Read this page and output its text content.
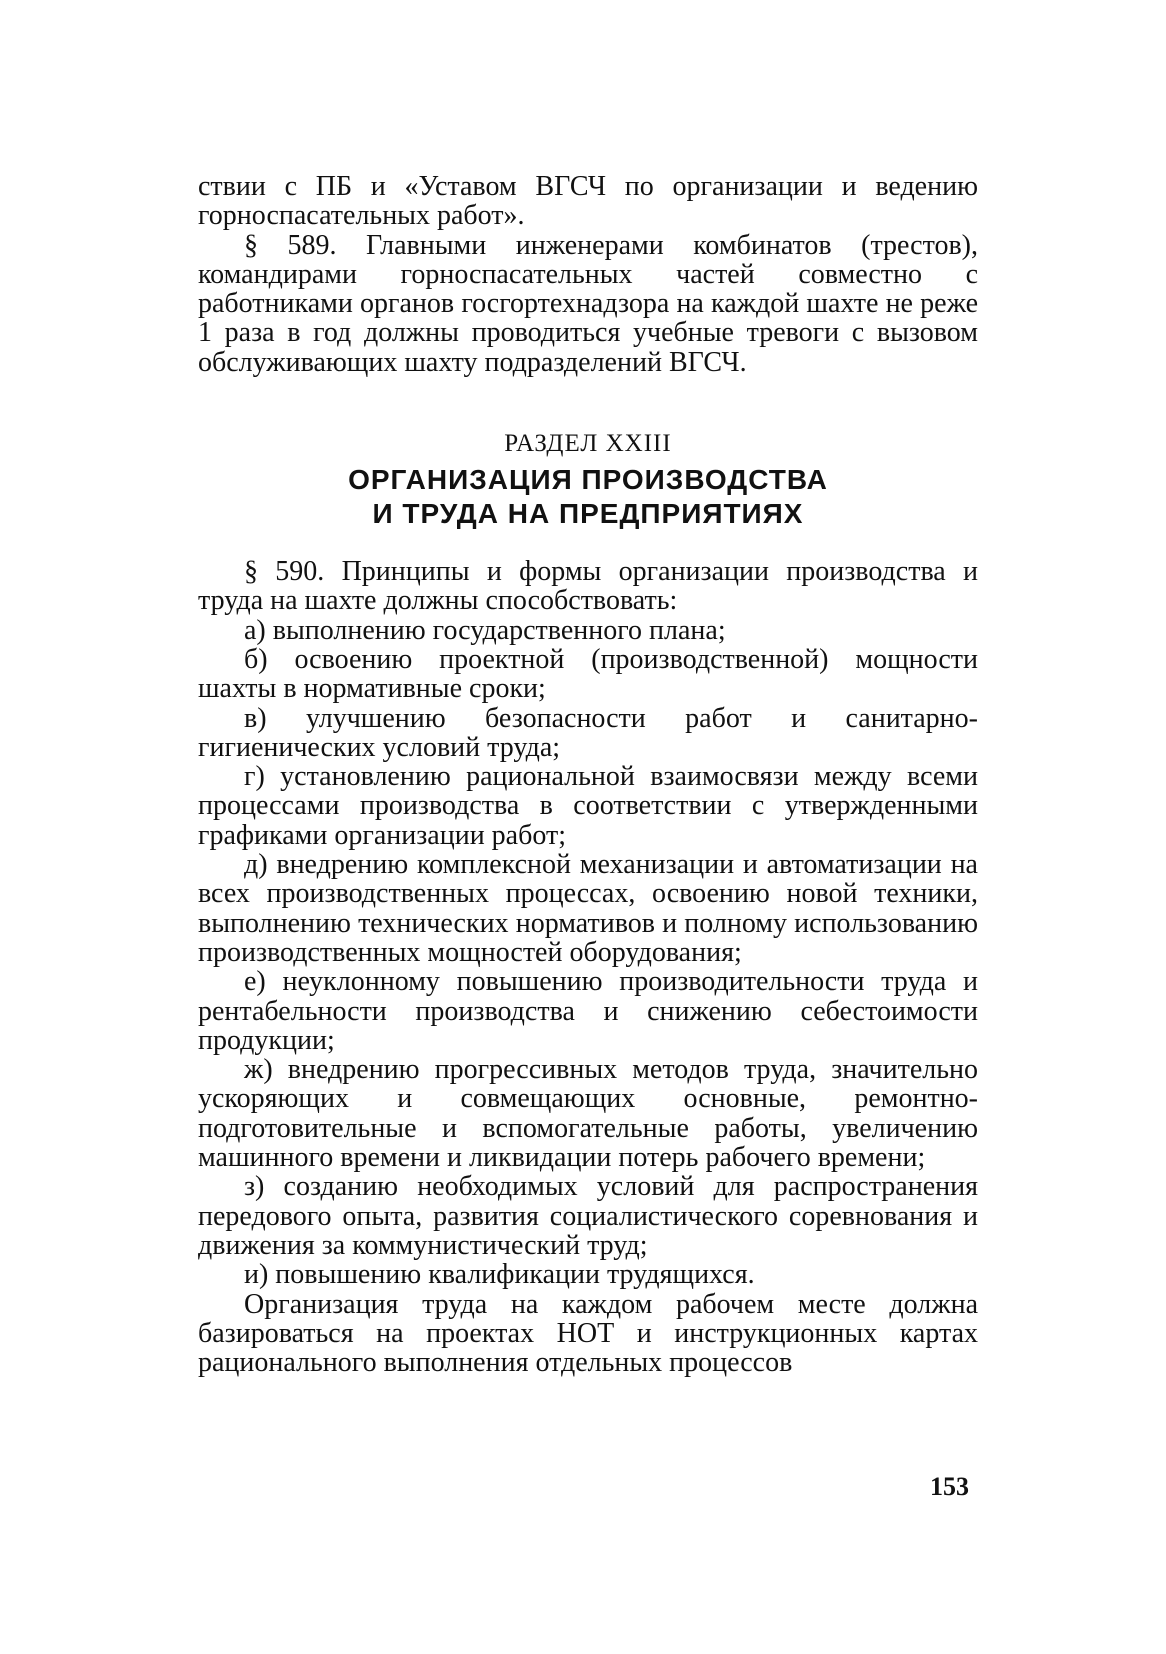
ствии с ПБ и «Уставом ВГСЧ по организации и ведению горноспасательных работ».

§ 589. Главными инженерами комбинатов (трестов), командирами горноспасательных частей совместно с работниками органов госгортехнадзора на каждой шахте не реже 1 раза в год должны проводиться учебные тревоги с вызовом обслуживающих шахту подразделений ВГСЧ.

РАЗДЕЛ XXIII
ОРГАНИЗАЦИЯ ПРОИЗВОДСТВА
И ТРУДА НА ПРЕДПРИЯТИЯХ

§ 590. Принципы и формы организации производства и труда на шахте должны способствовать:

а) выполнению государственного плана;

б) освоению проектной (производственной) мощности шахты в нормативные сроки;

в) улучшению безопасности работ и санитарно-гигиенических условий труда;

г) установлению рациональной взаимосвязи между всеми процессами производства в соответствии с утвержденными графиками организации работ;

д) внедрению комплексной механизации и автоматизации на всех производственных процессах, освоению новой техники, выполнению технических нормативов и полному использованию производственных мощностей оборудования;

е) неуклонному повышению производительности труда и рентабельности производства и снижению себестоимости продукции;

ж) внедрению прогрессивных методов труда, значительно ускоряющих и совмещающих основные, ремонтно-подготовительные и вспомогательные работы, увеличению машинного времени и ликвидации потерь рабочего времени;

з) созданию необходимых условий для распространения передового опыта, развития социалистического соревнования и движения за коммунистический труд;

и) повышению квалификации трудящихся.

Организация труда на каждом рабочем месте должна базироваться на проектах НОТ и инструкционных картах рационального выполнения отдельных процессов

153
